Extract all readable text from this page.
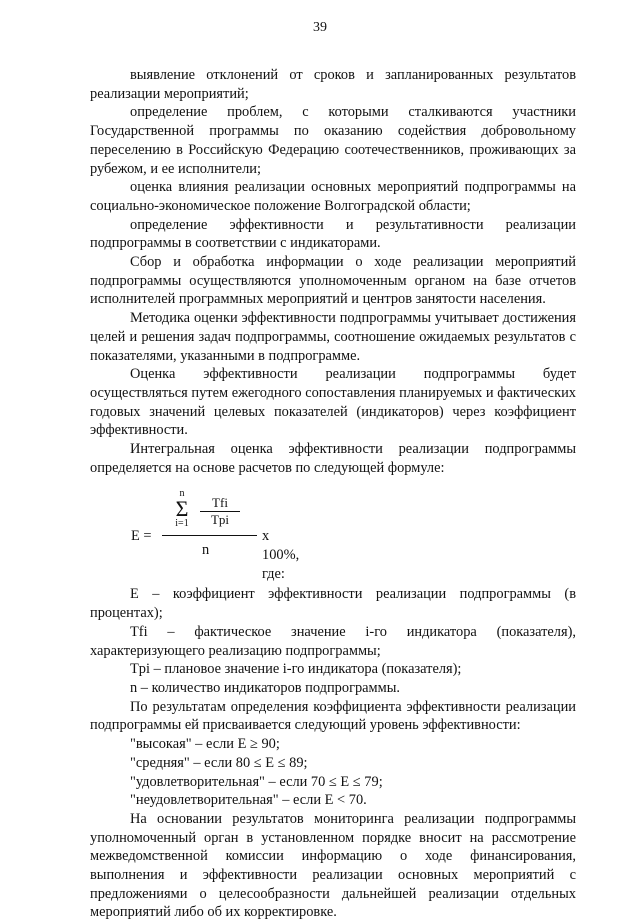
39

выявление отклонений от сроков и запланированных результатов реализации мероприятий;

определение проблем, с которыми сталкиваются участники Государственной программы по оказанию содействия добровольному переселению в Российскую Федерацию соотечественников, проживающих за рубежом, и ее исполнители;

оценка влияния реализации основных мероприятий подпрограммы на социально-экономическое положение Волгоградской области;

определение эффективности и результативности реализации подпрограммы в соответствии с индикаторами.

Сбор и обработка информации о ходе реализации мероприятий подпрограммы осуществляются уполномоченным органом на базе отчетов исполнителей программных мероприятий и центров занятости населения.

Методика оценки эффективности подпрограммы учитывает достижения целей и решения задач подпрограммы, соотношение ожидаемых результатов с показателями, указанными в подпрограмме.

Оценка эффективности реализации подпрограммы будет осуществляться путем ежегодного сопоставления планируемых и фактических годовых значений целевых показателей (индикаторов) через коэффициент эффективности.

Интегральная оценка эффективности реализации подпрограммы определяется на основе расчетов по следующей формуле:

E =
n
Σ
i=1
Tfi
Tpi
n
x 100%, где:

E – коэффициент эффективности реализации подпрограммы (в процентах);

Tfi – фактическое значение i-го индикатора (показателя), характеризующего реализацию подпрограммы;

Tpi – плановое значение i-го индикатора (показателя);

n – количество индикаторов подпрограммы.

По результатам определения коэффициента эффективности реализации подпрограммы ей присваивается следующий уровень эффективности:

"высокая" – если E ≥ 90;

"средняя" – если 80 ≤ E ≤ 89;

"удовлетворительная" – если 70 ≤ E ≤ 79;

"неудовлетворительная" – если E < 70.

На основании результатов мониторинга реализации подпрограммы уполномоченный орган в установленном порядке вносит на рассмотрение межведомственной комиссии информацию о ходе финансирования, выполнения и эффективности реализации основных мероприятий с предложениями о целесообразности дальнейшей реализации отдельных мероприятий либо об их корректировке.
